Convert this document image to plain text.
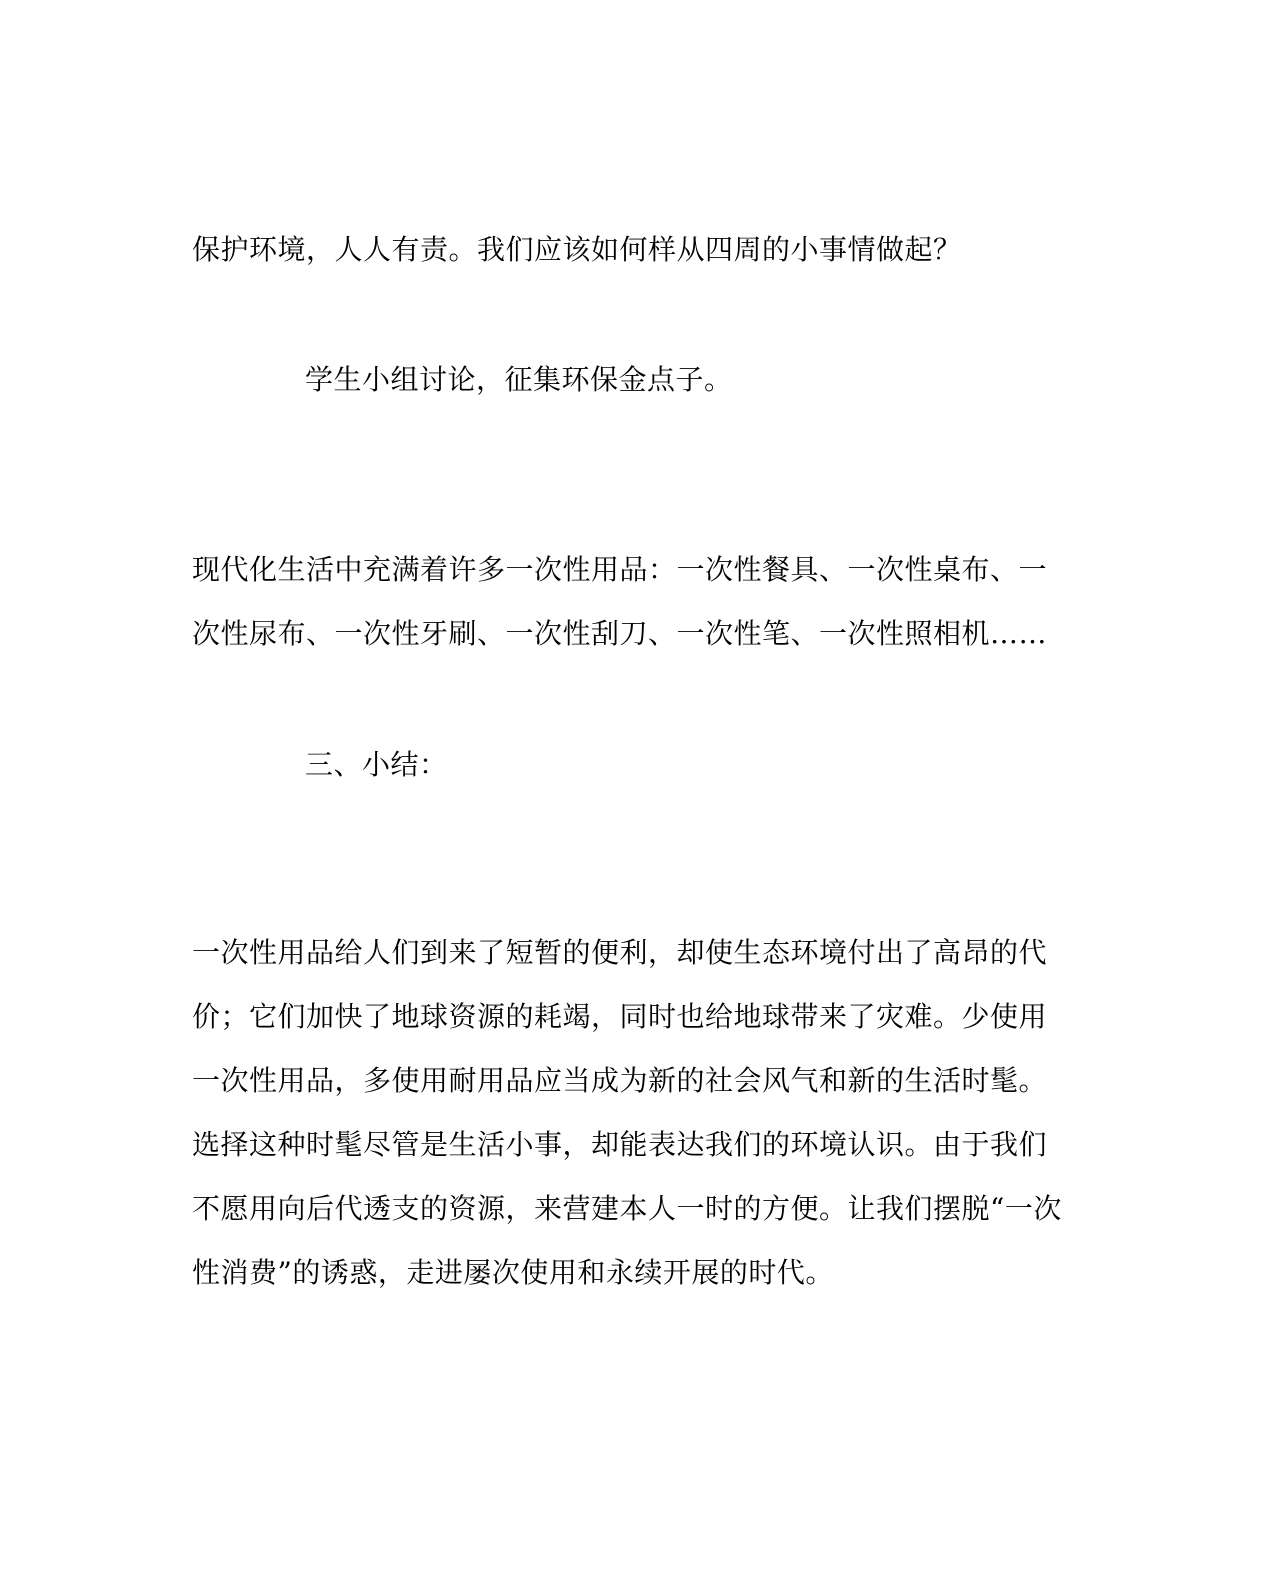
保护环境，人人有责。我们应该如何样从四周的小事情做起？
学生小组讨论，征集环保金点子。
现代化生活中充满着许多一次性用品：一次性餐具、一次性桌布、一
次性尿布、一次性牙刷、一次性刮刀、一次性笔、一次性照相机……
三、小结：
一次性用品给人们到来了短暂的便利，却使生态环境付出了高昂的代
价；它们加快了地球资源的耗竭，同时也给地球带来了灾难。少使用
一次性用品，多使用耐用品应当成为新的社会风气和新的生活时髦。
选择这种时髦尽管是生活小事，却能表达我们的环境认识。由于我们
不愿用向后代透支的资源，来营建本人一时的方便。让我们摆脱“一次
性消费”的诱惑，走进屡次使用和永续开展的时代。
